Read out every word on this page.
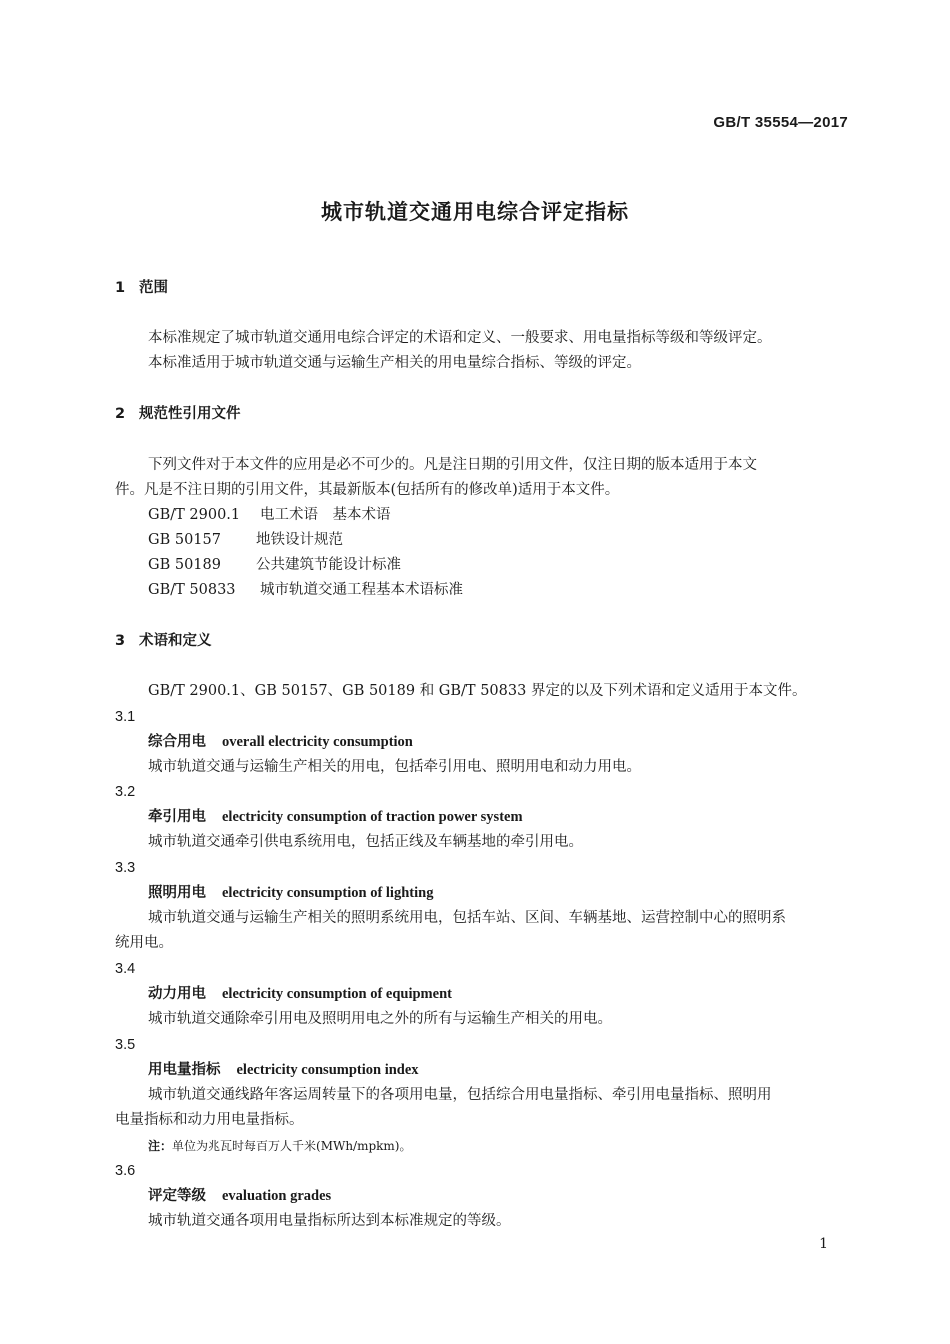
GB/T 35554—2017
城市轨道交通用电综合评定指标
1 范围
本标准规定了城市轨道交通用电综合评定的术语和定义、一般要求、用电量指标等级和等级评定。
本标准适用于城市轨道交通与运输生产相关的用电量综合指标、等级的评定。
2 规范性引用文件
下列文件对于本文件的应用是必不可少的。凡是注日期的引用文件，仅注日期的版本适用于本文
件。凡是不注日期的引用文件，其最新版本(包括所有的修改单)适用于本文件。
GB/T 2900.1 电工术语　基本术语
GB 50157 地铁设计规范
GB 50189 公共建筑节能设计标准
GB/T 50833 城市轨道交通工程基本术语标准
3 术语和定义
GB/T 2900.1、GB 50157、GB 50189 和 GB/T 50833 界定的以及下列术语和定义适用于本文件。
3.1
综合用电 overall electricity consumption
城市轨道交通与运输生产相关的用电，包括牵引用电、照明用电和动力用电。
3.2
牵引用电 electricity consumption of traction power system
城市轨道交通牵引供电系统用电，包括正线及车辆基地的牵引用电。
3.3
照明用电 electricity consumption of lighting
城市轨道交通与运输生产相关的照明系统用电，包括车站、区间、车辆基地、运营控制中心的照明系
统用电。
3.4
动力用电 electricity consumption of equipment
城市轨道交通除牵引用电及照明用电之外的所有与运输生产相关的用电。
3.5
用电量指标 electricity consumption index
城市轨道交通线路年客运周转量下的各项用电量，包括综合用电量指标、牵引用电量指标、照明用
电量指标和动力用电量指标。
注：单位为兆瓦时每百万人千米(MWh/mpkm)。
3.6
评定等级 evaluation grades
城市轨道交通各项用电量指标所达到本标准规定的等级。
1
